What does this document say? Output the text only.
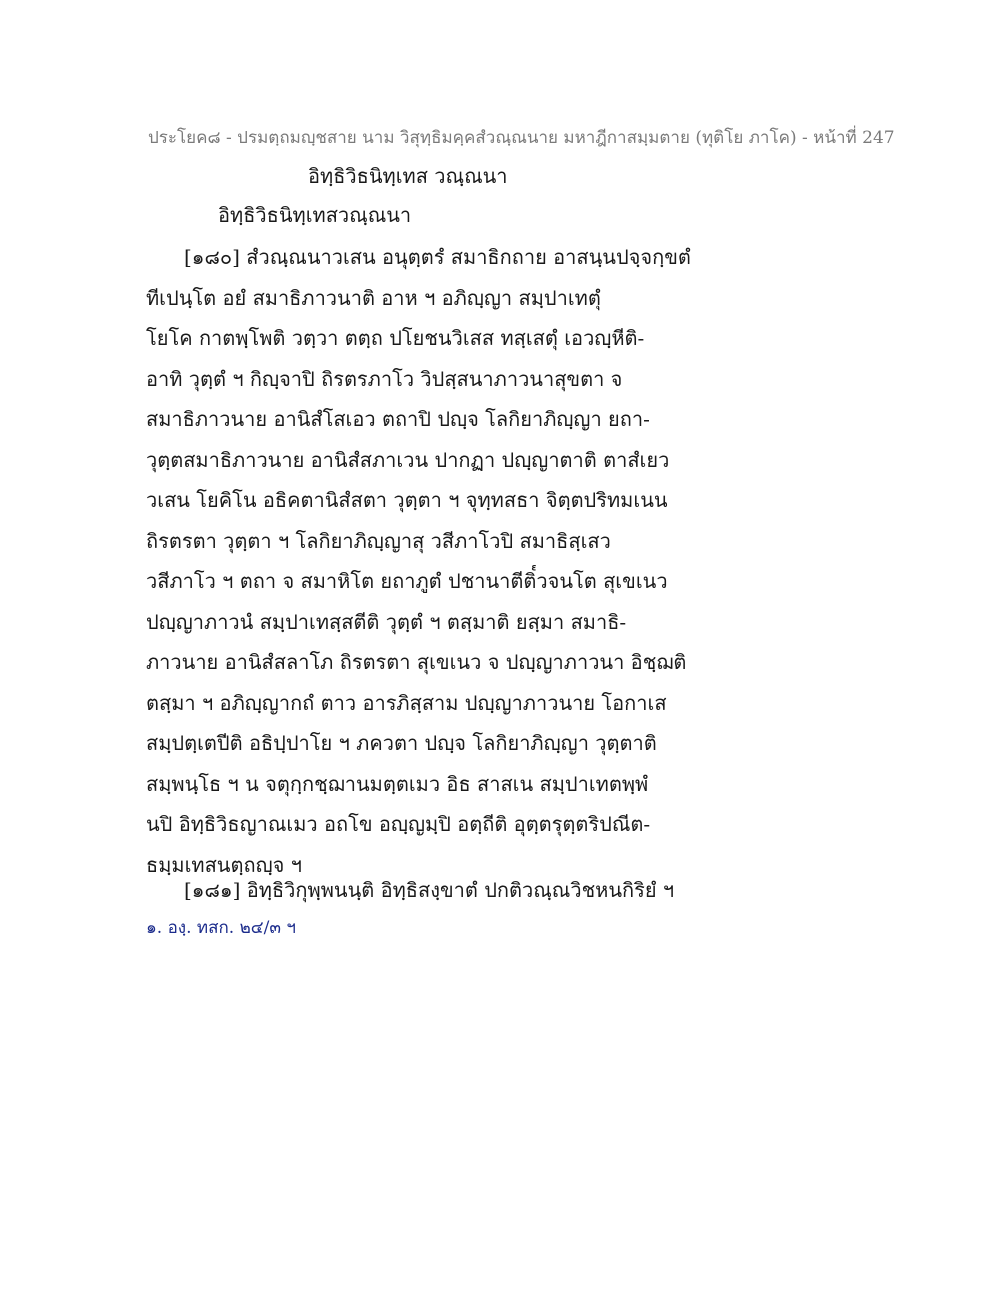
ประโยค๘ - ปรมตฺถมญฺชสาย นาม วิสุทฺธิมคฺคสํวณฺณนาย มหาฎีกาสมฺมตาย (ทุติโย ภาโค) - หน้าที่ 247
อิทฺธิวิธนิทฺเทส วณฺณนา
อิทฺธิวิธนิทฺเทสวณฺณนา
[๑๘๐] สํวณฺณนาวเสน อนุตฺตรํ สมาธิกถาย อาสนฺนปจฺจกฺขตํ
ทีเปนฺโต อยํ สมาธิภาวนาติ อาห ฯ อภิญฺญา สมฺปาเทตุํ
โยโค กาตพฺโพติ วตฺวา ตตฺถ ปโยชนวิเสส ทสฺเสตุํ เอวญฺหีติ-
อาทิ วุตฺตํ ฯ กิญฺจาปิ ถิรตรภาโว วิปสฺสนาภาวนาสุขตา จ
สมาธิภาวนาย อานิสํโสเอว ตถาปิ ปญฺจ โลกิยาภิญฺญา ยถา-
วุตฺตสมาธิภาวนาย อานิสํสภาเวน ปากฏา ปญฺญาตาติ ตาสํเยว
วเสน โยคิโน อธิคตานิสํสตา วุตฺตา ฯ จุทฺทสธา จิตฺตปริทมเนน
ถิรตรตา วุตฺตา ฯ โลกิยาภิญฺญาสุ วสีภาโวปิ สมาธิสฺเสว
วสีภาโว ฯ ตถา จ สมาหิโต ยถาภูตํ ปชานาตีติ๎วจนโต สุเขเนว
ปญฺญาภาวนํ สมฺปาเทสฺสตีติ วุตฺตํ ฯ ตสฺมาติ ยสฺมา สมาธิ-
ภาวนาย อานิสํสลาโภ ถิรตรตา สุเขเนว จ ปญฺญาภาวนา อิชฺฌติ
ตสฺมา ฯ อภิญฺญากถํ ตาว อารภิสฺสาม ปญฺญาภาวนาย โอกาเส
สมฺปตฺเตปีติ อธิปฺปาโย ฯ ภควตา ปญฺจ โลกิยาภิญฺญา วุตฺตาติ
สมฺพนฺโธ ฯ น จตุกฺกชฺฌานมตฺตเมว อิธ สาสเน สมฺปาเทตพฺพํ
นปิ อิทฺธิวิธญาณเมว อถโข อญฺญมฺปิ อตฺถีติ อุตฺตรุตฺตริปณีต-
ธมฺมเทสนตฺถญฺจ ฯ
[๑๘๑] อิทฺธิวิกุพฺพนนฺติ อิทฺธิสงฺขาตํ ปกติวณฺณวิชหนกิริยํ ฯ
๑. องฺ. ทสก. ๒๔/๓ ฯ
